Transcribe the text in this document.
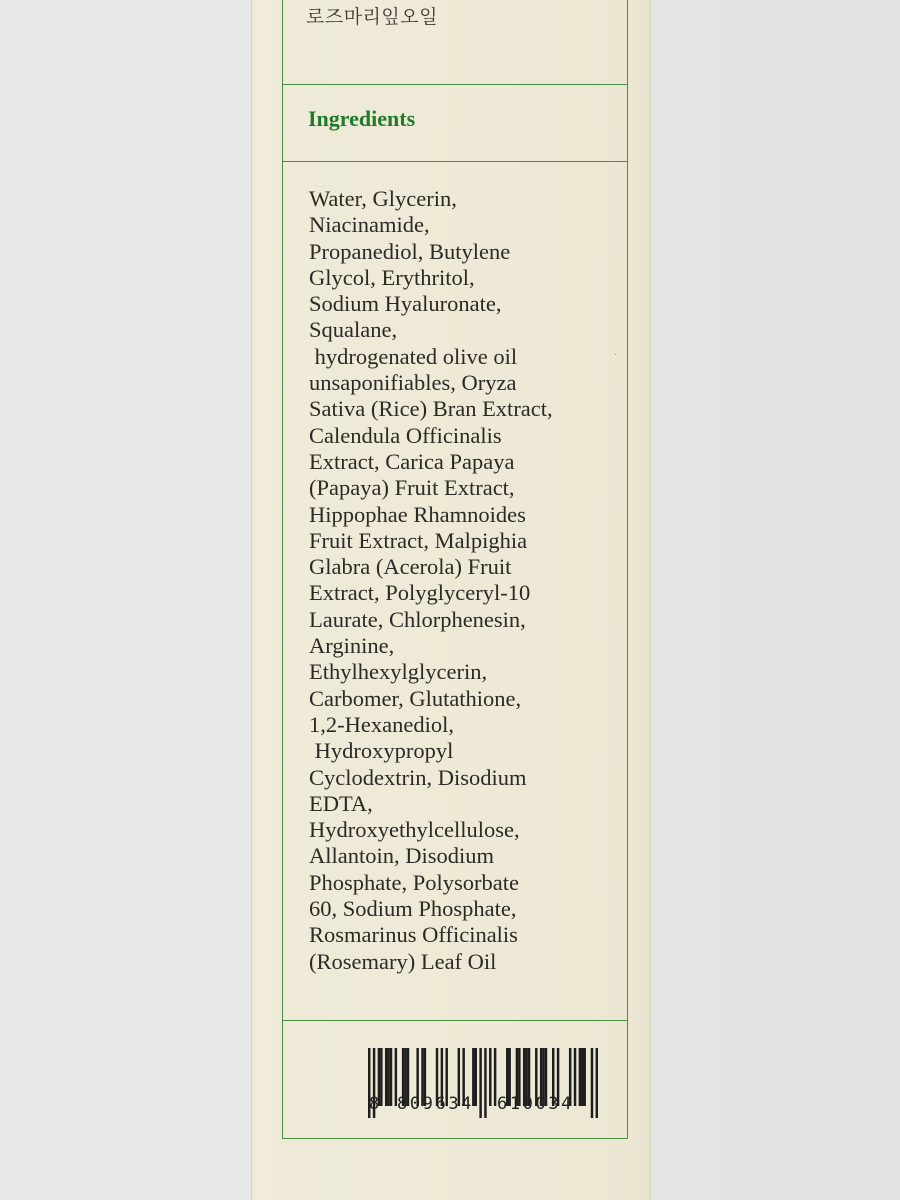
로즈마리잎오일
Ingredients
Water, Glycerin,
Niacinamide,
Propanediol, Butylene
Glycol, Erythritol,
Sodium Hyaluronate,
Squalane,
hydrogenated olive oil
unsaponifiables, Oryza
Sativa (Rice) Bran Extract,
Calendula Officinalis
Extract, Carica Papaya
(Papaya) Fruit Extract,
Hippophae Rhamnoides
Fruit Extract, Malpighia
Glabra (Acerola) Fruit
Extract, Polyglyceryl-10
Laurate, Chlorphenesin,
Arginine,
Ethylhexylglycerin,
Carbomer, Glutathione,
1,2-Hexanediol,
Hydroxypropyl
Cyclodextrin, Disodium
EDTA,
Hydroxyethylcellulose,
Allantoin, Disodium
Phosphate, Polysorbate
60, Sodium Phosphate,
Rosmarinus Officinalis
(Rosemary) Leaf Oil
8 809634 610034
